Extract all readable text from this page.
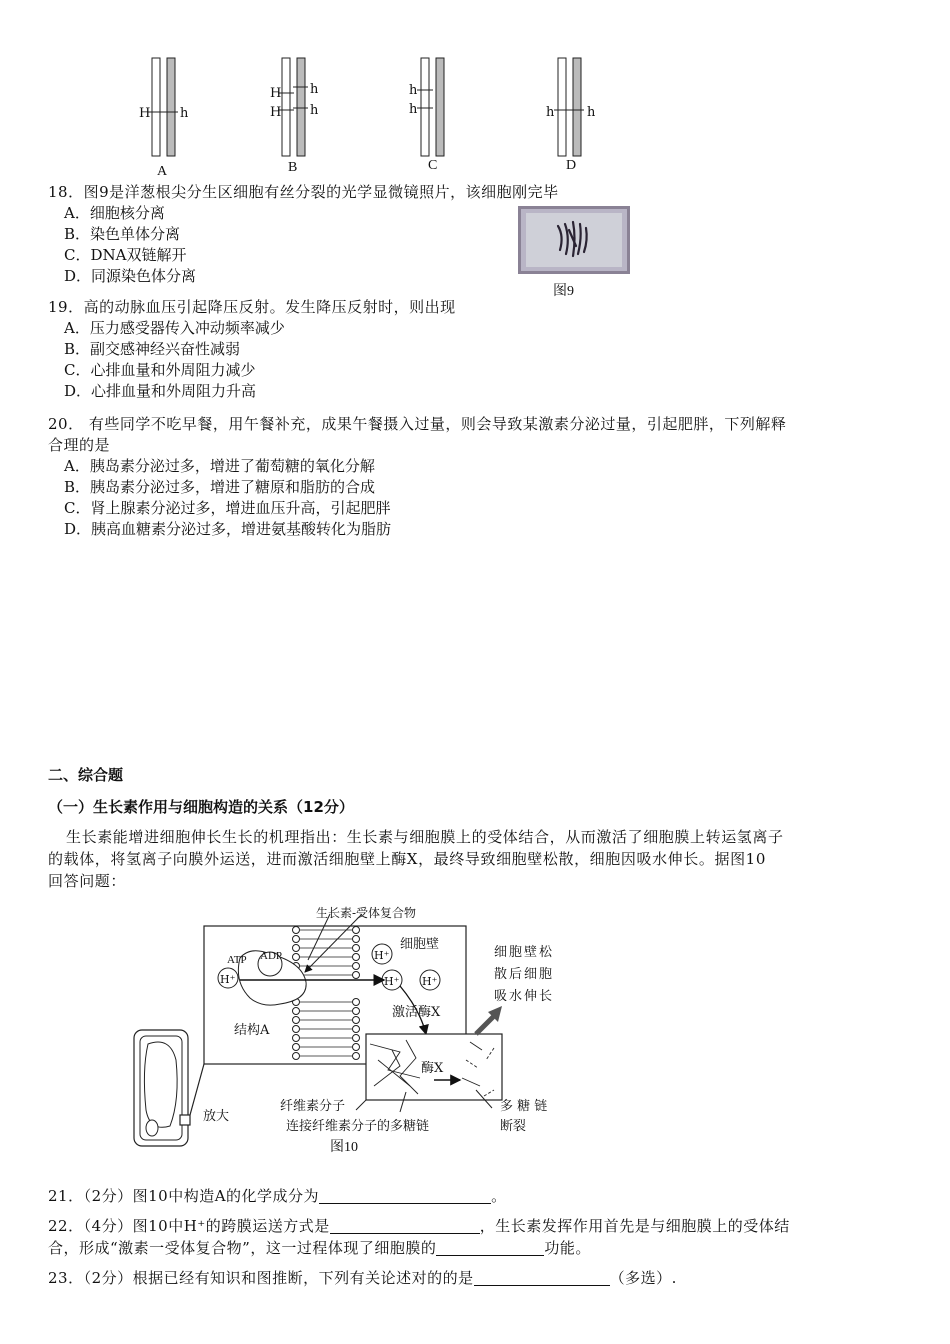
H h
H
H
h
h
h
h	h	h
A	B	C	D
18．图9是洋葱根尖分生区细胞有丝分裂的光学显微镜照片，该细胞刚完毕
A．细胞核分离
B．染色单体分离
C．DNA双链解开
D．同源染色体分离
图9
19．高的动脉血压引起降压反射。发生降压反射时，则出现
A．压力感受器传入冲动频率减少
B．副交感神经兴奋性减弱
C．心排血量和外周阻力减少
D．心排血量和外周阻力升高
20． 有些同学不吃早餐，用午餐补充，成果午餐摄入过量，则会导致某激素分泌过量，引起肥胖，下列解释
合理的是
A．胰岛素分泌过多，增进了葡萄糖的氧化分解
B．胰岛素分泌过多，增进了糖原和脂肪的合成
C．肾上腺素分泌过多，增进血压升高，引起肥胖
D．胰高血糖素分泌过多，增进氨基酸转化为脂肪
二、综合题
（一）生长素作用与细胞构造的关系（12分）
生长素能增进细胞伸长生长的机理指出：生长素与细胞膜上的受体结合，从而激活了细胞膜上转运氢离子
的载体，将氢离子向膜外运送，进而激活细胞壁上酶X，最终导致细胞壁松散，细胞因吸水伸长。据图10
回答问题：
生长素-受体复合物
细胞壁
ATP ADP
H⁺
H⁺
H⁺ H⁺
结构A
激活酶X
酶X
纤维素分子
连接纤维素分子的多糖链
放大
多 糖 链
断裂
细胞壁松
散后细胞
吸水伸长
图10
21．（2分）图10中构造A的化学成分为	。
22．（4分）图10中H⁺的跨膜运送方式是	，生长素发挥作用首先是与细胞膜上的受体结
合，形成“激素一受体复合物”，这一过程体现了细胞膜的	功能。
23．（2分）根据已经有知识和图推断，下列有关论述对的的是	（多选）.
